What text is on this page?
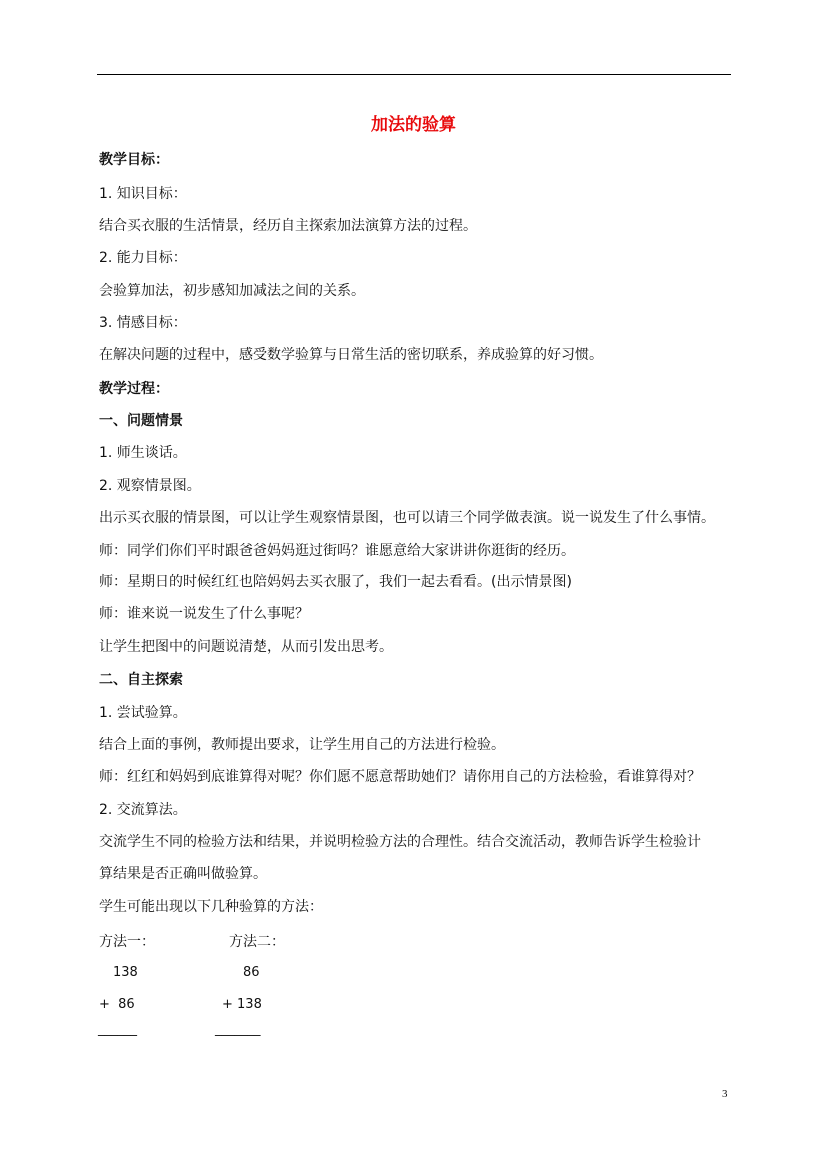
加法的验算
教学目标：
1. 知识目标：
结合买衣服的生活情景，经历自主探索加法演算方法的过程。
2. 能力目标：
会验算加法，初步感知加减法之间的关系。
3. 情感目标：
在解决问题的过程中，感受数学验算与日常生活的密切联系，养成验算的好习惯。
教学过程：
一、问题情景
1. 师生谈话。
2. 观察情景图。
出示买衣服的情景图，可以让学生观察情景图，也可以请三个同学做表演。说一说发生了什么事情。
师：同学们你们平时跟爸爸妈妈逛过街吗？谁愿意给大家讲讲你逛街的经历。
师：星期日的时候红红也陪妈妈去买衣服了，我们一起去看看。(出示情景图)
师：谁来说一说发生了什么事呢？
让学生把图中的问题说清楚，从而引发出思考。
二、自主探索
1. 尝试验算。
结合上面的事例，教师提出要求，让学生用自己的方法进行检验。
师：红红和妈妈到底谁算得对呢？你们愿不愿意帮助她们？请你用自己的方法检验，看谁算得对？
2. 交流算法。
交流学生不同的检验方法和结果，并说明检验方法的合理性。结合交流活动，教师告诉学生检验计
算结果是否正确叫做验算。
学生可能出现以下几种验算的方法：
方法一：	方法二：
138	86
+  86	+ 138
______	_______
3
